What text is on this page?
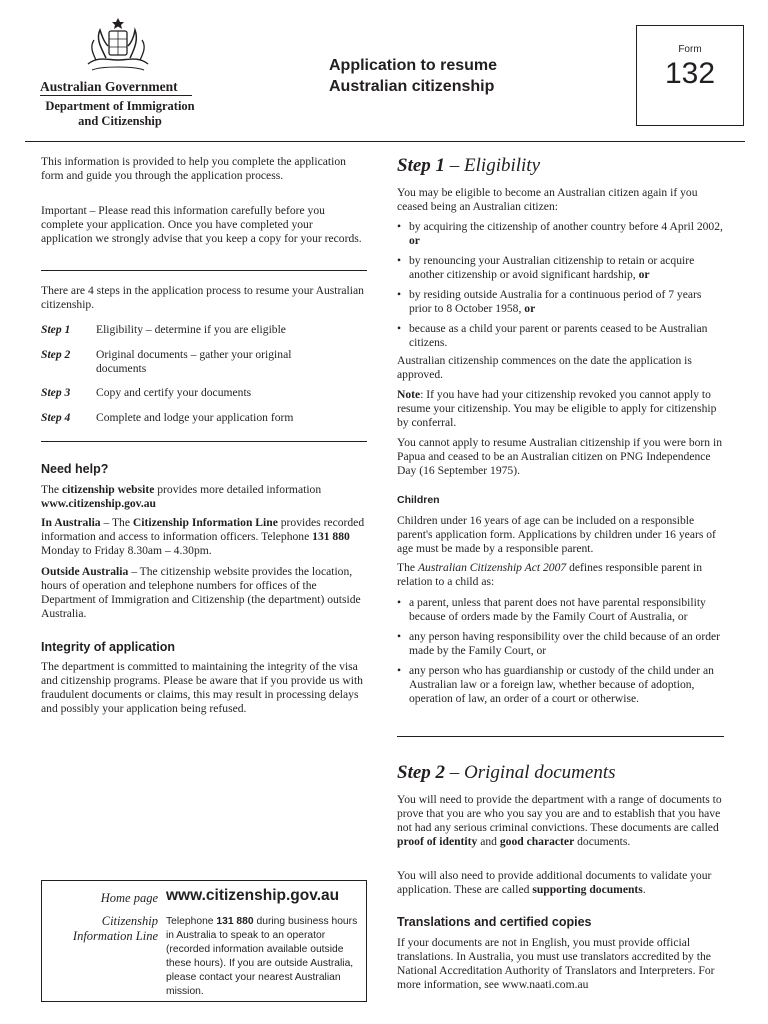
Australian Government
Department of Immigration and Citizenship
Application to resume
Australian citizenship
Form
132

This information is provided to help you complete the application form and guide you through the application process.

Important – Please read this information carefully before you complete your application. Once you have completed your application we strongly advise that you keep a copy for your records.

There are 4 steps in the application process to resume your Australian citizenship.

Step 1 Eligibility – determine if you are eligible
Step 2 Original documents – gather your original documents
Step 3 Copy and certify your documents
Step 4 Complete and lodge your application form
Need help?

The citizenship website provides more detailed information
www.citizenship.gov.au

In Australia – The Citizenship Information Line provides recorded information and access to information officers. Telephone 131 880 Monday to Friday 8.30am – 4.30pm.

Outside Australia – The citizenship website provides the location, hours of operation and telephone numbers for offices of the Department of Immigration and Citizenship (the department) outside Australia.

Integrity of application

The department is committed to maintaining the integrity of the visa and citizenship programs. Please be aware that if you provide us with fraudulent documents or claims, this may result in processing delays and possibly your application being refused.

Home page www.citizenship.gov.au
Citizenship Information Line
Telephone 131 880 during business hours in Australia to speak to an operator (recorded information available outside these hours). If you are outside Australia, please contact your nearest Australian mission.
Step 1 – Eligibility

You may be eligible to become an Australian citizen again if you ceased being an Australian citizen:

• by acquiring the citizenship of another country before 4 April 2002, or
• by renouncing your Australian citizenship to retain or acquire another citizenship or avoid significant hardship, or
• by residing outside Australia for a continuous period of 7 years prior to 8 October 1958, or
• because as a child your parent or parents ceased to be Australian citizens.

Australian citizenship commences on the date the application is approved.

Note: If you have had your citizenship revoked you cannot apply to resume your citizenship. You may be eligible to apply for citizenship by conferral.

You cannot apply to resume Australian citizenship if you were born in Papua and ceased to be an Australian citizen on PNG Independence Day (16 September 1975).

Children

Children under 16 years of age can be included on a responsible parent's application form. Applications by children under 16 years of age must be made by a responsible parent.

The Australian Citizenship Act 2007 defines responsible parent in relation to a child as:

• a parent, unless that parent does not have parental responsibility because of orders made by the Family Court of Australia, or
• any person having responsibility over the child because of an order made by the Family Court, or
• any person who has guardianship or custody of the child under an Australian law or a foreign law, whether because of adoption, operation of law, an order of a court or otherwise.
Step 2 – Original documents

You will need to provide the department with a range of documents to prove that you are who you say you are and to establish that you have not had any serious criminal convictions. These documents are called proof of identity and good character documents.

You will also need to provide additional documents to validate your application. These are called supporting documents.

Translations and certified copies

If your documents are not in English, you must provide official translations. In Australia, you must use translators accredited by the National Accreditation Authority of Translators and Interpreters. For more information, see www.naati.com.au
